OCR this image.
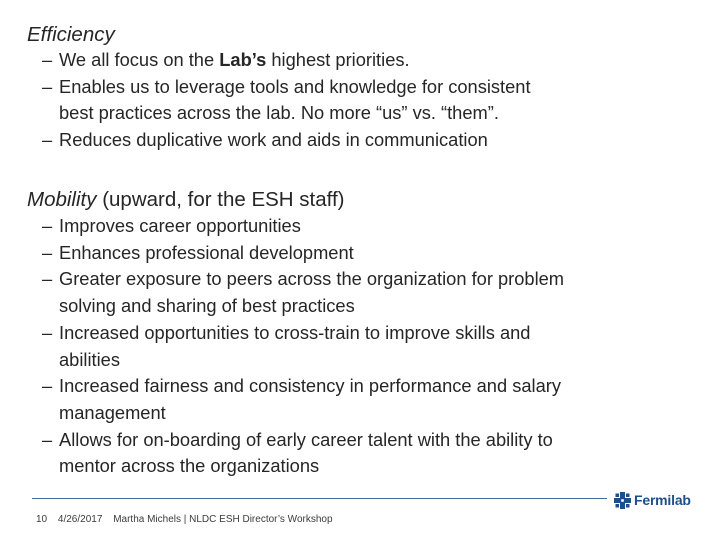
Efficiency
– We all focus on the Lab’s highest priorities.
– Enables us to leverage tools and knowledge for consistent
best practices across the lab. No more “us” vs. “them”.
– Reduces duplicative work and aids in communication
Mobility (upward, for the ESH staff)
– Improves career opportunities
– Enhances professional development
– Greater exposure to peers across the organization for problem
solving and sharing of best practices
– Increased opportunities to cross-train to improve skills and
abilities
– Increased fairness and consistency in performance and salary
management
– Allows for on-boarding of early career talent with the ability to
mentor across the organizations
10 4/26/2017 Martha Michels | NLDC ESH Director’s Workshop
Fermilab
